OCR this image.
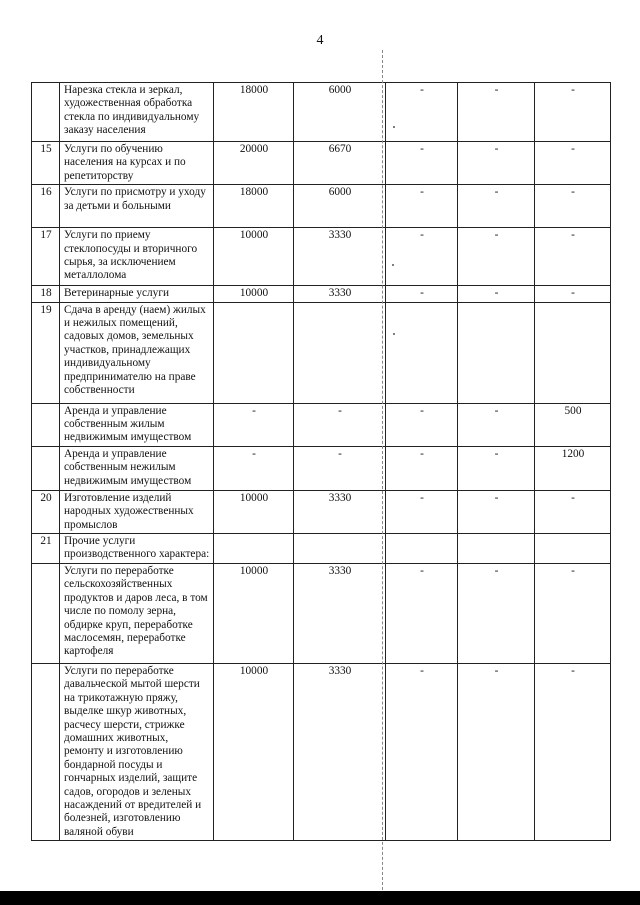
4
	Нарезка стекла и зеркал, художественная обработка стекла по индивидуальному заказу населения	18000	6000	-	-	-
15	Услуги по обучению населения на курсах и по репетиторству	20000	6670	-	-	-
16	Услуги по присмотру и уходу за детьми и больными	18000	6000	-	-	-
17	Услуги по приему стеклопосуды и вторичного сырья, за исключением металлолома	10000	3330	-	-	-
18	Ветеринарные услуги	10000	3330	-	-	-
19	Сдача в аренду (наем) жилых и нежилых помещений, садовых домов, земельных участков, принадлежащих индивидуальному предпринимателю на праве собственности					
	Аренда и управление собственным жилым недвижимым имуществом	-	-	-	-	500
	Аренда и управление собственным нежилым недвижимым имуществом	-	-	-	-	1200
20	Изготовление изделий народных художественных промыслов	10000	3330	-	-	-
21	Прочие услуги производственного характера:					
	Услуги по переработке сельскохозяйственных продуктов и даров леса, в том числе по помолу зерна, обдирке круп, переработке маслосемян, переработке картофеля	10000	3330	-	-	-
	Услуги по переработке давальческой мытой шерсти на трикотажную пряжу, выделке шкур животных, расчесу шерсти, стрижке домашних животных, ремонту и изготовлению бондарной посуды и гончарных изделий, защите садов, огородов и зеленых насаждений от вредителей и болезней, изготовлению валяной обуви	10000	3330	-	-	-
